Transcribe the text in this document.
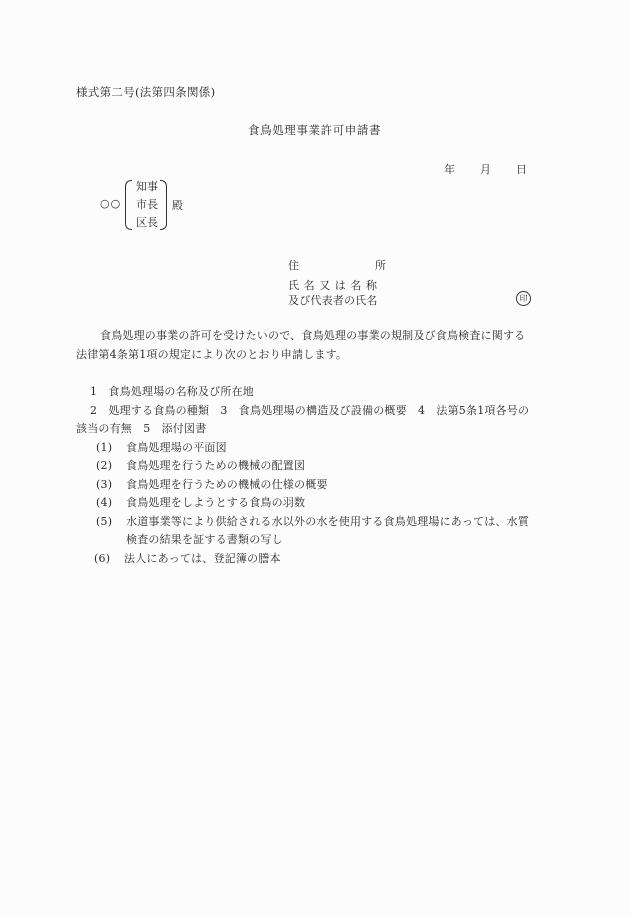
様式第二号(法第四条関係)
食鳥処理事業許可申請書
年 月 日
○○
知事
市長
区長
殿
住	所
氏名又は名称
及び代表者の氏名	印

食鳥処理の事業の許可を受けたいので、食鳥処理の事業の規制及び食鳥検査に関する

法律第4条第1項の規定により次のとおり申請します。

1　食鳥処理場の名称及び所在地
2　処理する食鳥の種類　3　食鳥処理場の構造及び設備の概要　4　法第5条1項各号の
該当の有無　5　添付図書
(1) 食鳥処理場の平面図
(2) 食鳥処理を行うための機械の配置図
(3) 食鳥処理を行うための機械の仕様の概要
(4) 食鳥処理をしようとする食鳥の羽数
(5) 水道事業等により供給される水以外の水を使用する食鳥処理場にあっては、水質
検査の結果を証する書類の写し
(6) 法人にあっては、登記簿の謄本
